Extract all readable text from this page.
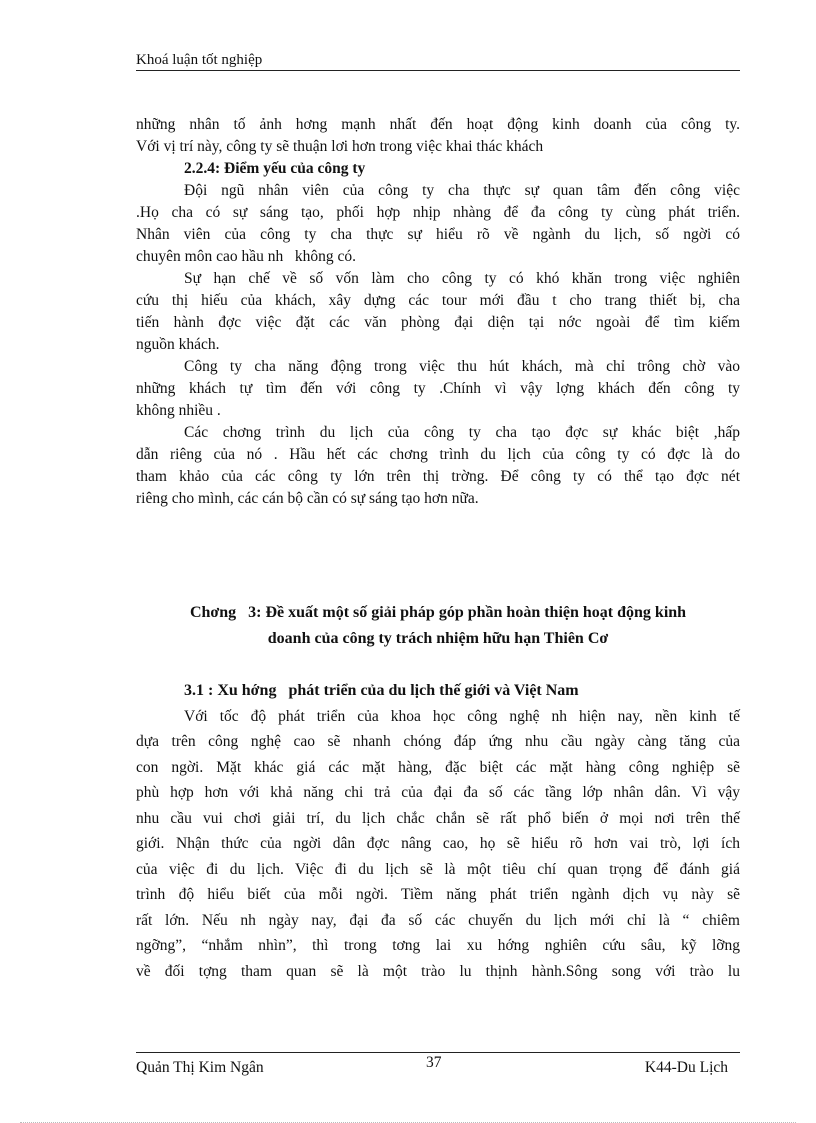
Khoá luận tốt nghiệp
những nhân tố ảnh hơng mạnh nhất đến hoạt động kinh doanh của công ty.
Với vị trí này, công ty sẽ thuận lơi hơn trong việc khai thác khách
2.2.4: Điểm yếu của công ty
Đội ngũ nhân viên của công ty cha thực sự quan tâm đến công việc
.Họ cha có sự sáng tạo, phối hợp nhịp nhàng để đa công ty cùng phát triển.
Nhân viên của công ty cha thực sự hiểu rõ về ngành du lịch, số ngời có
chuyên môn cao hầu nh   không có.
Sự hạn chế về số vốn làm cho công ty có khó khăn trong việc nghiên
cứu thị hiếu của khách, xây dựng các tour mới đầu t cho trang thiết bị, cha
tiến hành đợc việc đặt các văn phòng đại diện tại nớc ngoài để tìm kiếm
nguồn khách.
Công ty cha năng động trong việc thu hút khách, mà chỉ trông chờ vào
những khách tự tìm đến với công ty .Chính vì vậy lợng khách đến công ty
không nhiều .
Các chơng trình du lịch của công ty cha tạo đợc sự khác biệt ,hấp
dẫn riêng của nó . Hầu hết các chơng trình du lịch của công ty có đợc là do
tham khảo của các công ty lớn trên thị trờng. Để công ty có thể tạo đợc nét
riêng cho mình, các cán bộ cần có sự sáng tạo hơn nữa.
Chơng   3: Đề xuất một số giải pháp góp phần hoàn thiện hoạt động kinh
doanh của công ty trách nhiệm hữu hạn Thiên Cơ
3.1 : Xu hớng   phát triển của du lịch thế giới và Việt Nam
Với tốc độ phát triển của khoa học công nghệ nh hiện nay, nền kinh tế
dựa trên công nghệ cao sẽ nhanh chóng đáp ứng nhu cầu ngày càng tăng của
con ngời. Mặt khác giá các mặt hàng, đặc biệt các mặt hàng công nghiệp sẽ
phù hợp hơn với khả năng chi trả của đại đa số các tầng lớp nhân dân. Vì vậy
nhu cầu vui chơi giải trí, du lịch chắc chắn sẽ rất phổ biến ở mọi nơi trên thế
giới. Nhận thức của ngời dân đợc nâng cao, họ sẽ hiểu rõ hơn vai trò, lợi ích
của việc đi du lịch. Việc đi du lịch sẽ là một tiêu chí quan trọng để đánh giá
trình độ hiểu biết của mỗi ngời. Tiềm năng phát triển ngành dịch vụ này sẽ
rất lớn. Nếu nh ngày nay, đại đa số các chuyến du lịch mới chỉ là “ chiêm
ngỡng”, “nhắm nhìn”, thì trong tơng lai xu hớng nghiên cứu sâu, kỹ lỡng
về đối tợng tham quan sẽ là một trào lu thịnh hành.Sông song với trào lu
Quản Thị Kim Ngân	37	K44-Du Lịch
